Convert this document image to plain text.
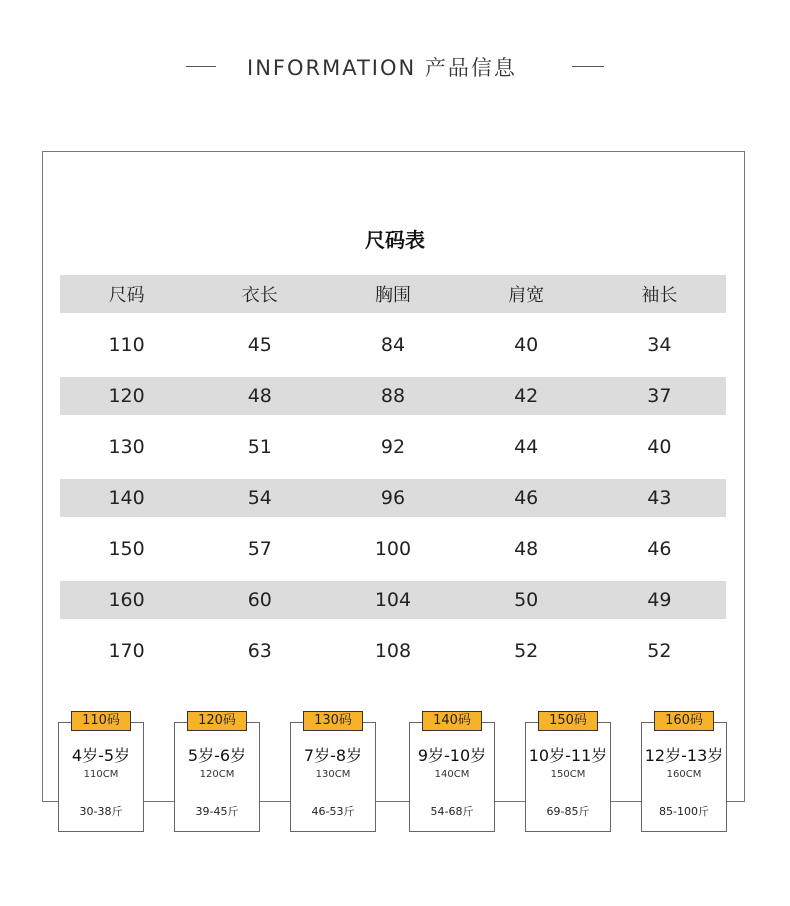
INFORMATION 产品信息
尺码表
尺码	衣长	胸围	肩宽	袖长
110	45	84	40	34
120	48	88	42	37
130	51	92	44	40
140	54	96	46	43
150	57	100	48	46
160	60	104	50	49
170	63	108	52	52
110码
4岁-5岁
110CM
30-38斤
120码
5岁-6岁
120CM
39-45斤
130码
7岁-8岁
130CM
46-53斤
140码
9岁-10岁
140CM
54-68斤
150码
10岁-11岁
150CM
69-85斤
160码
12岁-13岁
160CM
85-100斤
